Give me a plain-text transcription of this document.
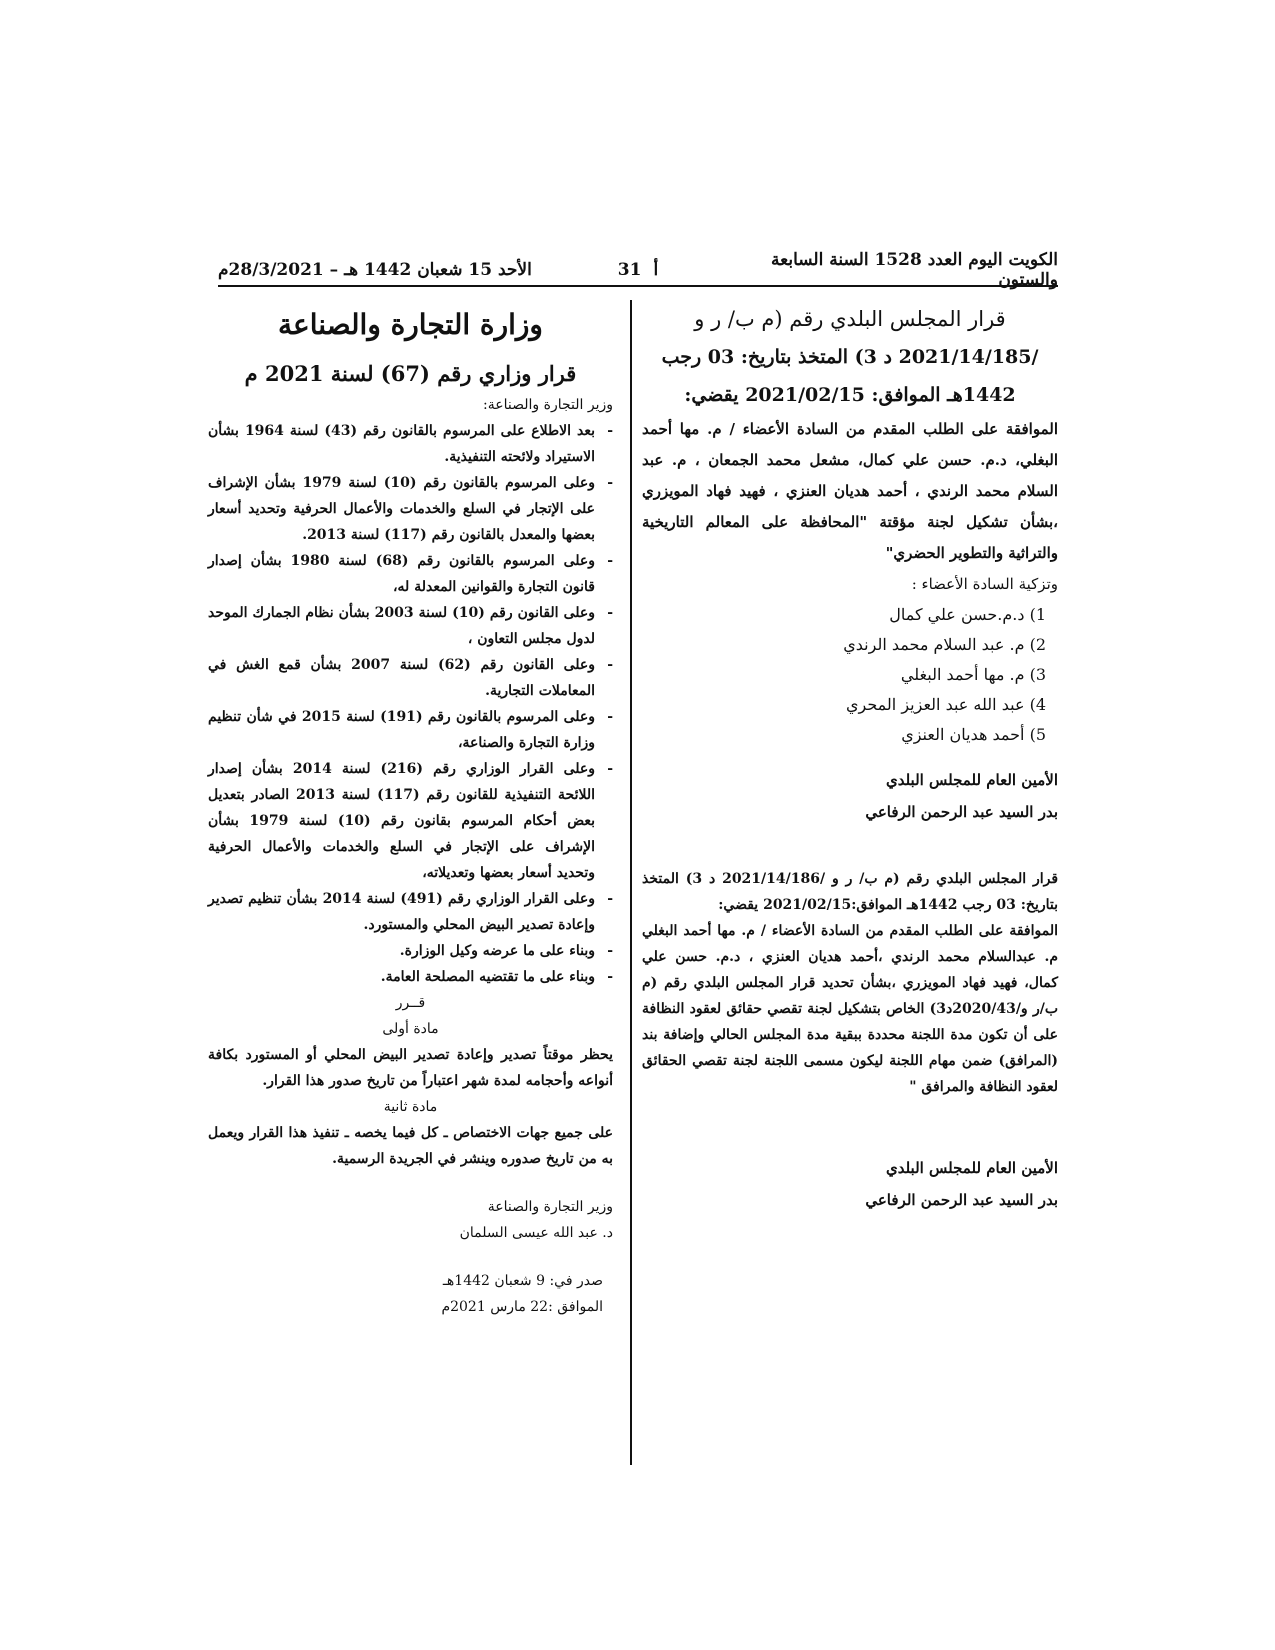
الكويت اليوم العدد 1528 السنة السابعة والستون
أ
31
الأحد 15 شعبان 1442 هـ – 28/3/2021م

قرار المجلس البلدي رقم (م ب/ ر و

/2021/14/185 د 3) المتخذ بتاريخ: 03 رجب

1442هـ الموافق: 2021/02/15 يقضي:

الموافقة على الطلب المقدم من السادة الأعضاء / م. مها أحمد البغلي، د.م. حسن علي كمال، مشعل محمد الجمعان ، م. عبد السلام محمد الرندي ، أحمد هديان العنزي ، فهيد فهاد المويزري ،بشأن تشكيل لجنة مؤقتة "المحافظة على المعالم التاريخية والتراثية والتطوير الحضري"

وتزكية السادة الأعضاء :

1) د.م.حسن علي كمال
2) م. عبد السلام محمد الرندي
3) م. مها أحمد البغلي
4) عبد الله عبد العزيز المحري
5) أحمد هديان العنزي

الأمين العام للمجلس البلدي

بدر السيد عبد الرحمن الرفاعي

قرار المجلس البلدي رقم (م ب/ ر و /2021/14/186 د 3) المتخذ بتاريخ: 03 رجب 1442هـ الموافق:2021/02/15 يقضي:

الموافقة على الطلب المقدم من السادة الأعضاء / م. مها أحمد البغلي م. عبدالسلام محمد الرندي ،أحمد هديان العنزي ، د.م. حسن علي كمال، فهيد فهاد المويزري ،بشأن تحديد قرار المجلس البلدي رقم (م ب/ر و/2020/43د3) الخاص بتشكيل لجنة تقصي حقائق لعقود النظافة على أن تكون مدة اللجنة محددة ببقية مدة المجلس الحالي وإضافة بند (المرافق) ضمن مهام اللجنة ليكون مسمى اللجنة لجنة تقصي الحقائق لعقود النظافة والمرافق "

الأمين العام للمجلس البلدي

بدر السيد عبد الرحمن الرفاعي

وزارة التجارة والصناعة

قرار وزاري رقم (67) لسنة 2021 م

وزير التجارة والصناعة:

- بعد الاطلاع على المرسوم بالقانون رقم (43) لسنة 1964 بشأن الاستيراد ولائحته التنفيذية.
- وعلى المرسوم بالقانون رقم (10) لسنة 1979 بشأن الإشراف على الإتجار في السلع والخدمات والأعمال الحرفية وتحديد أسعار بعضها والمعدل بالقانون رقم (117) لسنة 2013.
- وعلى المرسوم بالقانون رقم (68) لسنة 1980 بشأن إصدار قانون التجارة والقوانين المعدلة له،
- وعلى القانون رقم (10) لسنة 2003 بشأن نظام الجمارك الموحد لدول مجلس التعاون ،
- وعلى القانون رقم (62) لسنة 2007 بشأن قمع الغش في المعاملات التجارية.
- وعلى المرسوم بالقانون رقم (191) لسنة 2015 في شأن تنظيم وزارة التجارة والصناعة،
- وعلى القرار الوزاري رقم (216) لسنة 2014 بشأن إصدار اللائحة التنفيذية للقانون رقم (117) لسنة 2013 الصادر بتعديل بعض أحكام المرسوم بقانون رقم (10) لسنة 1979 بشأن الإشراف على الإتجار في السلع والخدمات والأعمال الحرفية وتحديد أسعار بعضها وتعديلاته،
- وعلى القرار الوزاري رقم (491) لسنة 2014 بشأن تنظيم تصدير وإعادة تصدير البيض المحلي والمستورد.
- وبناء على ما عرضه وكيل الوزارة.
- وبناء على ما تقتضيه المصلحة العامة.

قــرر

مادة أولى

يحظر موقتاً تصدير وإعادة تصدير البيض المحلي أو المستورد بكافة أنواعه وأحجامه لمدة شهر اعتباراً من تاريخ صدور هذا القرار.

مادة ثانية

على جميع جهات الاختصاص ـ كل فيما يخصه ـ تنفيذ هذا القرار ويعمل به من تاريخ صدوره وينشر في الجريدة الرسمية.

وزير التجارة والصناعة

د. عبد الله عيسى السلمان

صدر في: 9 شعبان 1442هـ

الموافق :22 مارس 2021م
